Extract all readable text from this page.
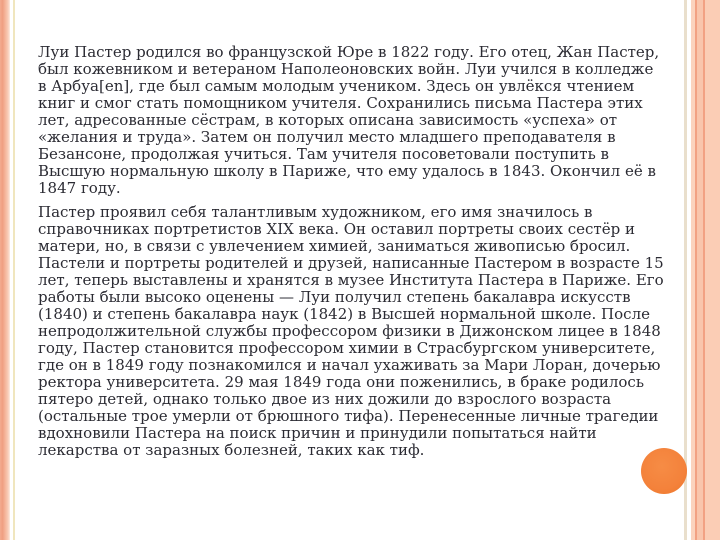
Луи Пастер родился во французской Юре в 1822 году. Его отец, Жан Пастер, был кожевником и ветераном Наполеоновских войн. Луи учился в колледже в Арбуа[en], где был самым молодым учеником. Здесь он увлёкся чтением книг и смог стать помощником учителя. Сохранились письма Пастера этих лет, адресованные сёстрам, в которых описана зависимость «успеха» от «желания и труда». Затем он получил место младшего преподавателя в Безансоне, продолжая учиться. Там учителя посоветовали поступить в Высшую нормальную школу в Париже, что ему удалось в 1843. Окончил её в 1847 году.

Пастер проявил себя талантливым художником, его имя значилось в справочниках портретистов XIX века. Он оставил портреты своих сестёр и матери, но, в связи с увлечением химией, заниматься живописью бросил. Пастели и портреты родителей и друзей, написанные Пастером в возрасте 15 лет, теперь выставлены и хранятся в музее Института Пастера в Париже. Его работы были высоко оценены — Луи получил степень бакалавра искусств (1840) и степень бакалавра наук (1842) в Высшей нормальной школе. После непродолжительной службы профессором физики в Дижонском лицее в 1848 году, Пастер становится профессором химии в Страсбургском университете, где он в 1849 году познакомился и начал ухаживать за Мари Лоран, дочерью ректора университета. 29 мая 1849 года они поженились, в браке родилось пятеро детей, однако только двое из них дожили до взрослого возраста (остальные трое умерли от брюшного тифа). Перенесенные личные трагедии вдохновили Пастера на поиск причин и принудили попытаться найти лекарства от заразных болезней, таких как тиф.
